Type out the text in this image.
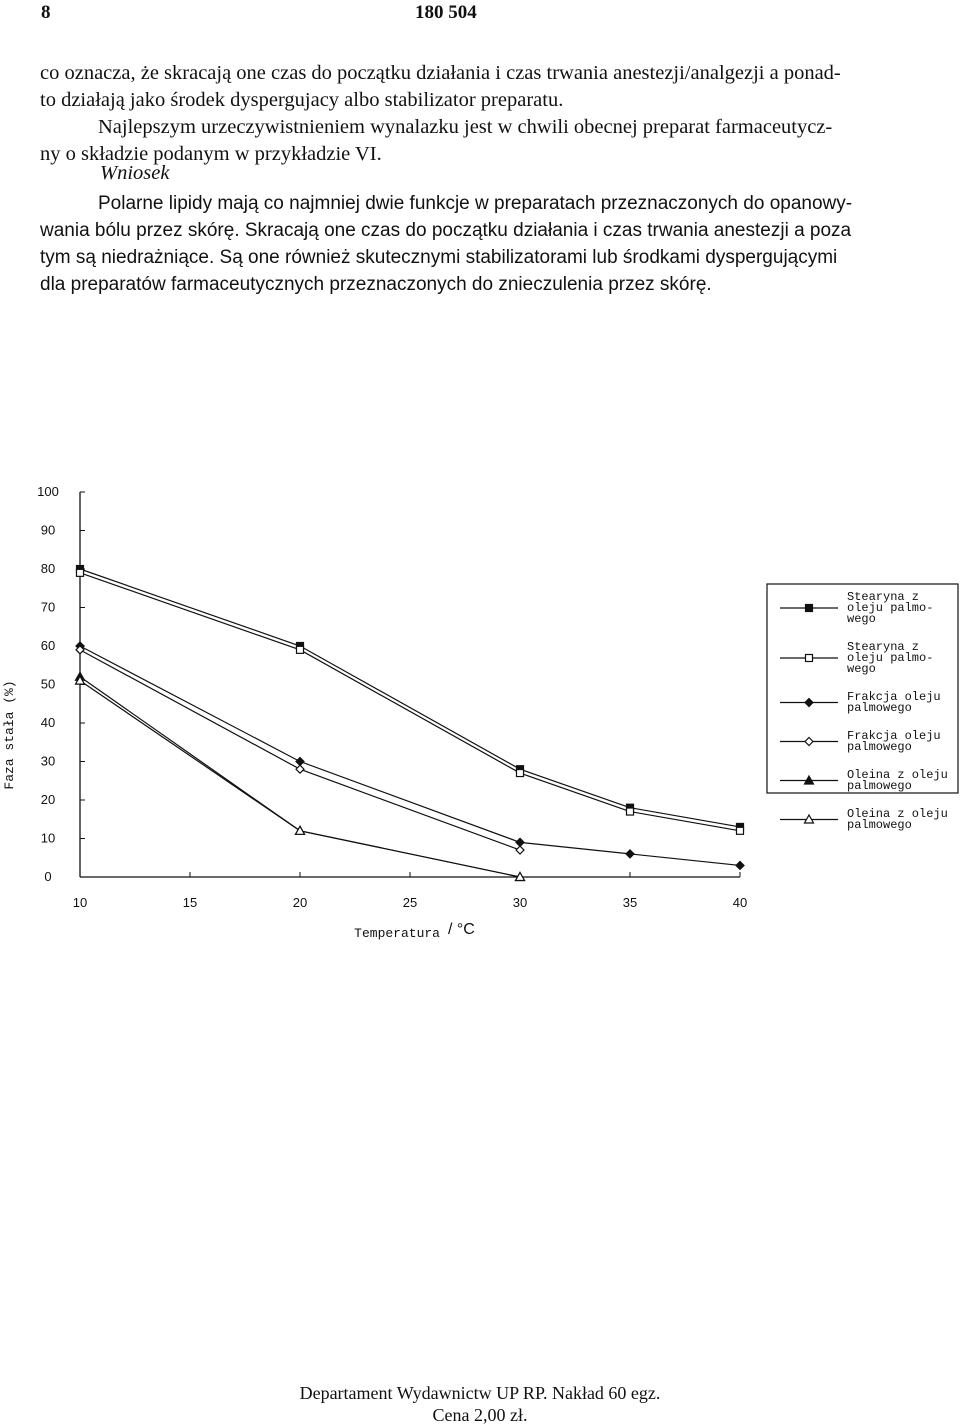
8	180 504
co oznacza, że skracają one czas do początku działania i czas trwania anestezji/analgezji a ponad-
to działają jako środek dyspergujacy albo stabilizator preparatu.
Najlepszym urzeczywistnieniem wynalazku jest w chwili obecnej preparat farmaceutycz-
ny o składzie podanym w przykładzie VI.
Wniosek
Polarne lipidy mają co najmniej dwie funkcje w preparatach przeznaczonych do opanowy-
wania bólu przez skórę. Skracają one czas do początku działania i czas trwania anestezji a poza
tym są niedrażniące. Są one również skutecznymi stabilizatorami lub środkami dyspergującymi
dla preparatów farmaceutycznych przeznaczonych do znieczulenia przez skórę.
0
10
20
30
40
50
60
70
80
90
100
10	15	20	25	30	35	40
Faza stała (%)
Temperatura / °C
Stearyna z
oleju palmo-
wego
Stearyna z
oleju palmo-
wego
Frakcja oleju
palmowego
Frakcja oleju
palmowego
Oleina z oleju
palmowego
Oleina z oleju
palmowego
Departament Wydawnictw UP RP. Nakład 60 egz.
Cena 2,00 zł.
